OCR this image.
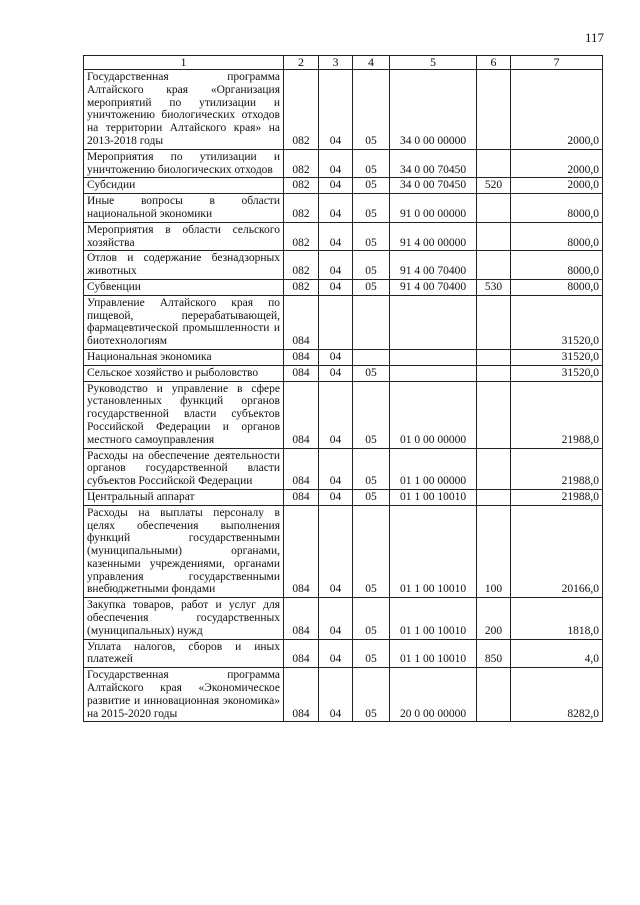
117
1	2	3	4	5	6	7
Государственная программа Алтайского края «Организация мероприятий по утилизации и уничтожению биологических отходов на территории Алтайского края» на 2013-2018 годы	082	04	05	34 0 00 00000		2000,0
Мероприятия по утилизации и уничтожению биологических отходов	082	04	05	34 0 00 70450		2000,0
Субсидии	082	04	05	34 0 00 70450	520	2000,0
Иные вопросы в области национальной экономики	082	04	05	91 0 00 00000		8000,0
Мероприятия в области сельского хозяйства	082	04	05	91 4 00 00000		8000,0
Отлов и содержание безнадзорных животных	082	04	05	91 4 00 70400		8000,0
Субвенции	082	04	05	91 4 00 70400	530	8000,0
Управление Алтайского края по пищевой, перерабатывающей, фармацевтической промышленности и биотехнологиям	084					31520,0
Национальная экономика	084	04				31520,0
Сельское хозяйство и рыболовство	084	04	05			31520,0
Руководство и управление в сфере установленных функций органов государственной власти субъектов Российской Федерации и органов местного самоуправления	084	04	05	01 0 00 00000		21988,0
Расходы на обеспечение деятельности органов государственной власти субъектов Российской Федерации	084	04	05	01 1 00 00000		21988,0
Центральный аппарат	084	04	05	01 1 00 10010		21988,0
Расходы на выплаты персоналу в целях обеспечения выполнения функций государственными (муниципальными) органами, казенными учреждениями, органами управления государственными внебюджетными фондами	084	04	05	01 1 00 10010	100	20166,0
Закупка товаров, работ и услуг для обеспечения государственных (муниципальных) нужд	084	04	05	01 1 00 10010	200	1818,0
Уплата налогов, сборов и иных платежей	084	04	05	01 1 00 10010	850	4,0
Государственная программа Алтайского края «Экономическое развитие и инновационная экономика» на 2015-2020 годы	084	04	05	20 0 00 00000		8282,0
